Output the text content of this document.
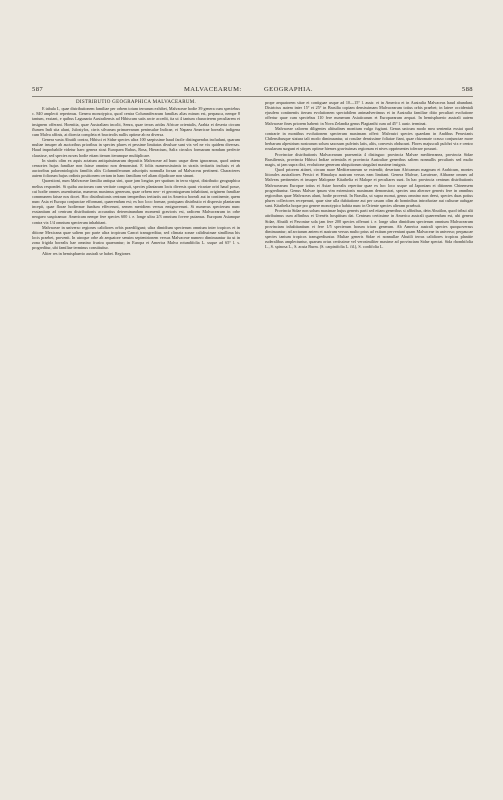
587	MALVACEARUM:	GEOGRAPHIA.	588
DISTRIBUTIO GEOGRAPHICA MALVACEARUM.

E tabula I., quae distributionem familiae per orbem totum terrarum exhibet, Malvaceae hodie 39 genera cum speciebus c. 840 amplecti reperimus. Genera monotypica, quod centra Columniferarum familias alias mirum est, perpauca, nempe 8 tantum, exstant, e quibus Lagunaria Australiensis ad Hibiscum satis arcte accedit, ita ut 4 tantum characterem peculiarem et insignem offerant. Hoenitia, quae Australiam incolit, Senra, quae terras aridas Africae orientalis, Arabia et deserta circum flumen Indi sita alunt, Julostylos, cirris silvarum primaevarum peninsulae Indicae, et Napaea Americae borealis indigena cum Malva affinis, at dioecia completa et bracteolis nullis optime ab ea diversa.

Genera vasta Abutili contra, Hibisci et Sidae species ultra 100 saepissime haud facile distinguendas includunt, quarum multae insuper ab auctoribus prioribus in species plures et pessime limitatas divulsae sunt vix vel ne vix quidem diversas. Haud improbabile videtur haec genera sicut Europaea Rubus, Rosa, Hieracium, Salix circulos formarum nondum perfecte clausisse, sed species novas hodie etiam iterum iterumque multiplicare.

In stratis olim ex aquis actatum antiquissimarum depositis Malvaceae ad hunc usque diem ignoramus, quod antem censortes hujus familiae non faisse omnino non demonstrat. E foliis numerosissimis in stratis tertiariis inclusis et ab auctoribus palaeontologicis familiis altis Columniferarum adscriptis nonnulla forsan ad Malvaceas pertinent. Characteres autem foliorum hujus ordinis positionem certam in hanc familiam vel aliam dijudicare non sinunt.

Quaestioni, num Malvaceae familia antiqua sint, quae jam longius per spatium in terra vigeat, distributio geographica melius respondet. Si quibu auctorum cum veritate congruit, species plantarum locis diversis quasi vicariae orirì haud posse, cui hodie omnes assentiuntur, numerus maximus generum, quae orbem neo- et gerontogaeum inhabitant, originem familiae communem faisse nos docet. Hoc distributionis centrum temperibus tertiariis aut in America boreali aut in continente, quem nunc Asia et Europa conjunctae efformant, quaerendum est; ex hoc loco formae, postquam distributio et dispersio plantarum incepit, quae florae hodiernae fundum effecerunt, semen meridiem versus emigraverunt. Si numerus specierum nunc exstantium ad centrum distributionis accuratius determinandum momenti gravioris est, radicem Malvacearum in orbe neogaeo suspicamur: Americam nempe fere species 600 i. e. longe ultra 2/3 omnium fovere putamus. Europam Asiamque contra vix 1/4 omnium specierum inhabitant.

Malvaceae in universo regiones calidiores orbis praediligunt; ultra dimidium specierum omnium inter tropicos et in ditione Mexicana quae saltem pro parte ultra tropicum Cancri transgreditur, sed climata zonae calidissimae simillima his locis praebet, provenit. In utroque orbe ab aequatore sensim septentrionem versus Malvaceae numero diminuuntur ita ut in zona frigida borealis hae omnino frustra quaerantur; in Europa et America Malva rotundifolia L. usque ad 65° l. s. progreditur, ubi familiae terminus constituitur.

Aliter res in hemisphaerio australi se habet. Regiones

prope aequatorem sitae et contiguae usque ad 10—15° l. austr. et in America et in Australia Malvaceas haud abundant. Districtus autem inter 15° et 25° in Brasilia copiam densissimam Malvacearum totius orbis praebet; in latere occidentali ejusdem continentis iterum evolutionem spectabilem animadvertimus et in Australia familiae ditio peculiari evolutione offertur quae cum speciebus 110 fere numerum Asiaticarum et Europaearum aequat. In hemisphaerio australi autem Malvaceae fines priorem habent: in Nova Zelandia genus Plagianthi cum ad 45° l. austr. terminat.

Malvaceae calorem diligentes altitudines montium vulgo fugiunt. Genus unicum modo mea sententia exstat quod contrarie in montibus evolutionem specierum maximam offert: Malvastri species quaedam in Andibus Peruvianis Chilensibusque statura tali modo diminuuntur, ut rosulae densissime foliatae fiant, quae rhizomate crasso conjunctae more herbarum alpestrium nostrarum solum saxosum pulvinis latis, altis, convexis obducunt. Flores majusculi pulchri vix e centro rosularum surgunt et stirpes optime hiemes gravissimas regionum et nives opprimentes tolerare possunt.

Provinciae distributionis Malvacearum praesentia 4 distinguo: provincia Malvae mediterranea, provincia Sidae Brasiliensis, provincia Hibisci Indiae orientalis et provincia Australiae generibus saltem nonnullis peculiaris sed multo magis, ut jam supra dixi, evolutione generum ubiquitorum singulari maxime insignis.

Quod priorem attinet, circum mare Mediterraneum se extendit; desertum Africanum magnum et Arabicum, montes littorales australiores Persici et Himalaya austrum versus eam limitant. Genera Malvae, Lavaterae, Althaeae omnes ad Malveas pertinentes et insuper Malopeae Kitaibelia et Malope ei peculiares sunt. In hac provincia centrum distributionis Malvacearum Europae totius et Asiae borealis reperitur quae ex hoc loco usque ad Japoniam et ditionem Chinensem progrediuntur. Genus Malvae ipsum vim extensionis maximam demonstrat, species una alterave generis fere in omnibus regionibus quae Malvaceas alunt, hodie provenit. In Brasilia, ut supra monui, genus omnino non deest, species duas potius plures collectores receperunt, quae sine ulla dubitatione aut per casum olim ab hominibus introductae aut culturae aufugae sunt. Kitaibelia hoque pro genere monotypico habita nunc in Oriente species alteram praebuit.

Provincia Sidae non solum maximae hujus generis parti sed etiam generibus si affinibus, dein Abutilon, quod tribui alii attribuimus cum affinibus et Urenéis hospitium dat. Centrum certissime in America australi quaerendum est, ubi genera Sidae, Abutili et Pavoniae sola jam fere 200 species offerunt i. e. longe ultra dimidium specierum omnium Malvacearum provinciam inhabitantium et fere 1/5 specierum horum trium generum. Ab America australi species quoquoversus diminuuntur; ad arctarum antem et austrum versus multo prius ad exitum perveniunt quam Malvaceae in universo; perpaucae species tantum tropicos transgrediuntur. Multae generis Sidae et nonnullae Abutili terras calidiores tropicas planitie ruderalibus amplectuntur, quarum ortus certissime vel verosimiliter maxime ad provinciam Sidae spectat. Sida rhombifolia L., S. spinosa L., S. acuta Burm. (S. carpinifolia L. fil.), S. cordifolia L.
